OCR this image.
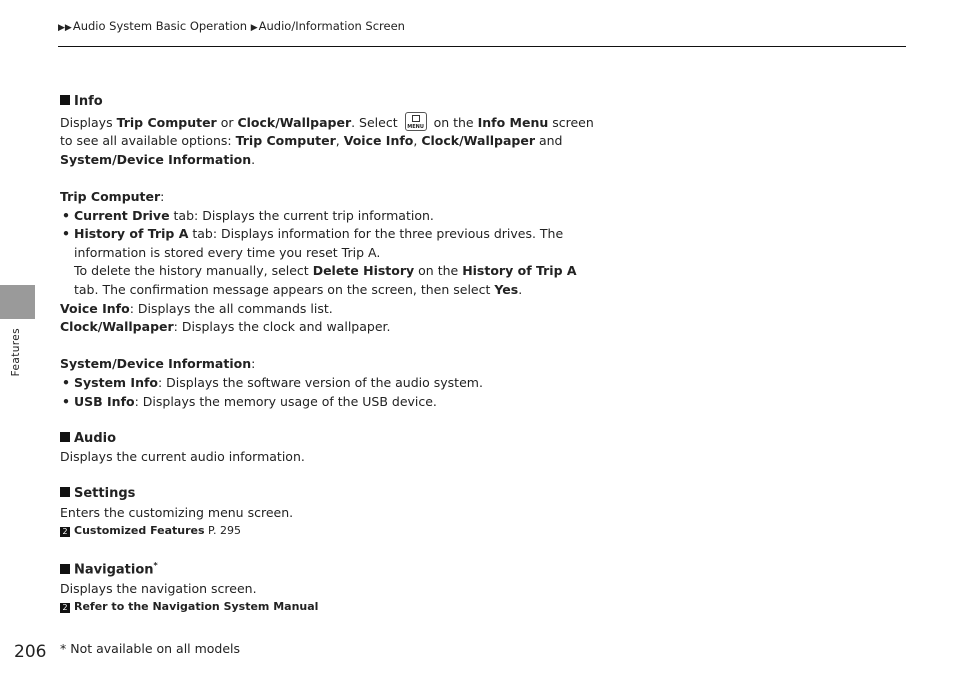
▶▶Audio System Basic Operation ▶Audio/Information Screen
Features
206 * Not available on all models

Info

Displays Trip Computer or Clock/Wallpaper. Select MENU on the Info Menu screen

to see all available options: Trip Computer, Voice Info, Clock/Wallpaper and

System/Device Information.

Trip Computer:

• Current Drive tab: Displays the current trip information.

• History of Trip A tab: Displays information for the three previous drives. The

information is stored every time you reset Trip A.

To delete the history manually, select Delete History on the History of Trip A

tab. The confirmation message appears on the screen, then select Yes.

Voice Info: Displays the all commands list.

Clock/Wallpaper: Displays the clock and wallpaper.

System/Device Information:

• System Info: Displays the software version of the audio system.

• USB Info: Displays the memory usage of the USB device.

Audio

Displays the current audio information.

Settings

Enters the customizing menu screen.

2 Customized Features P. 295

Navigation*

Displays the navigation screen.

2 Refer to the Navigation System Manual
